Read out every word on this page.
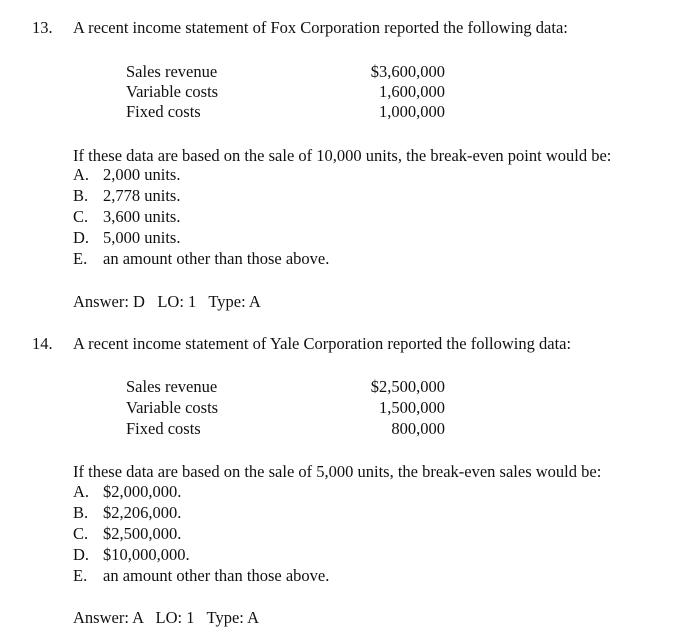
13. A recent income statement of Fox Corporation reported the following data:
Sales revenue	$3,600,000
Variable costs	1,600,000
Fixed costs	1,000,000
If these data are based on the sale of 10,000 units, the break-even point would be:
A. 2,000 units.
B. 2,778 units.
C. 3,600 units.
D. 5,000 units.
E. an amount other than those above.
Answer: D   LO: 1   Type: A
14. A recent income statement of Yale Corporation reported the following data:
Sales revenue	$2,500,000
Variable costs	1,500,000
Fixed costs	800,000
If these data are based on the sale of 5,000 units, the break-even sales would be:
A. $2,000,000.
B. $2,206,000.
C. $2,500,000.
D. $10,000,000.
E. an amount other than those above.
Answer: A   LO: 1   Type: A
